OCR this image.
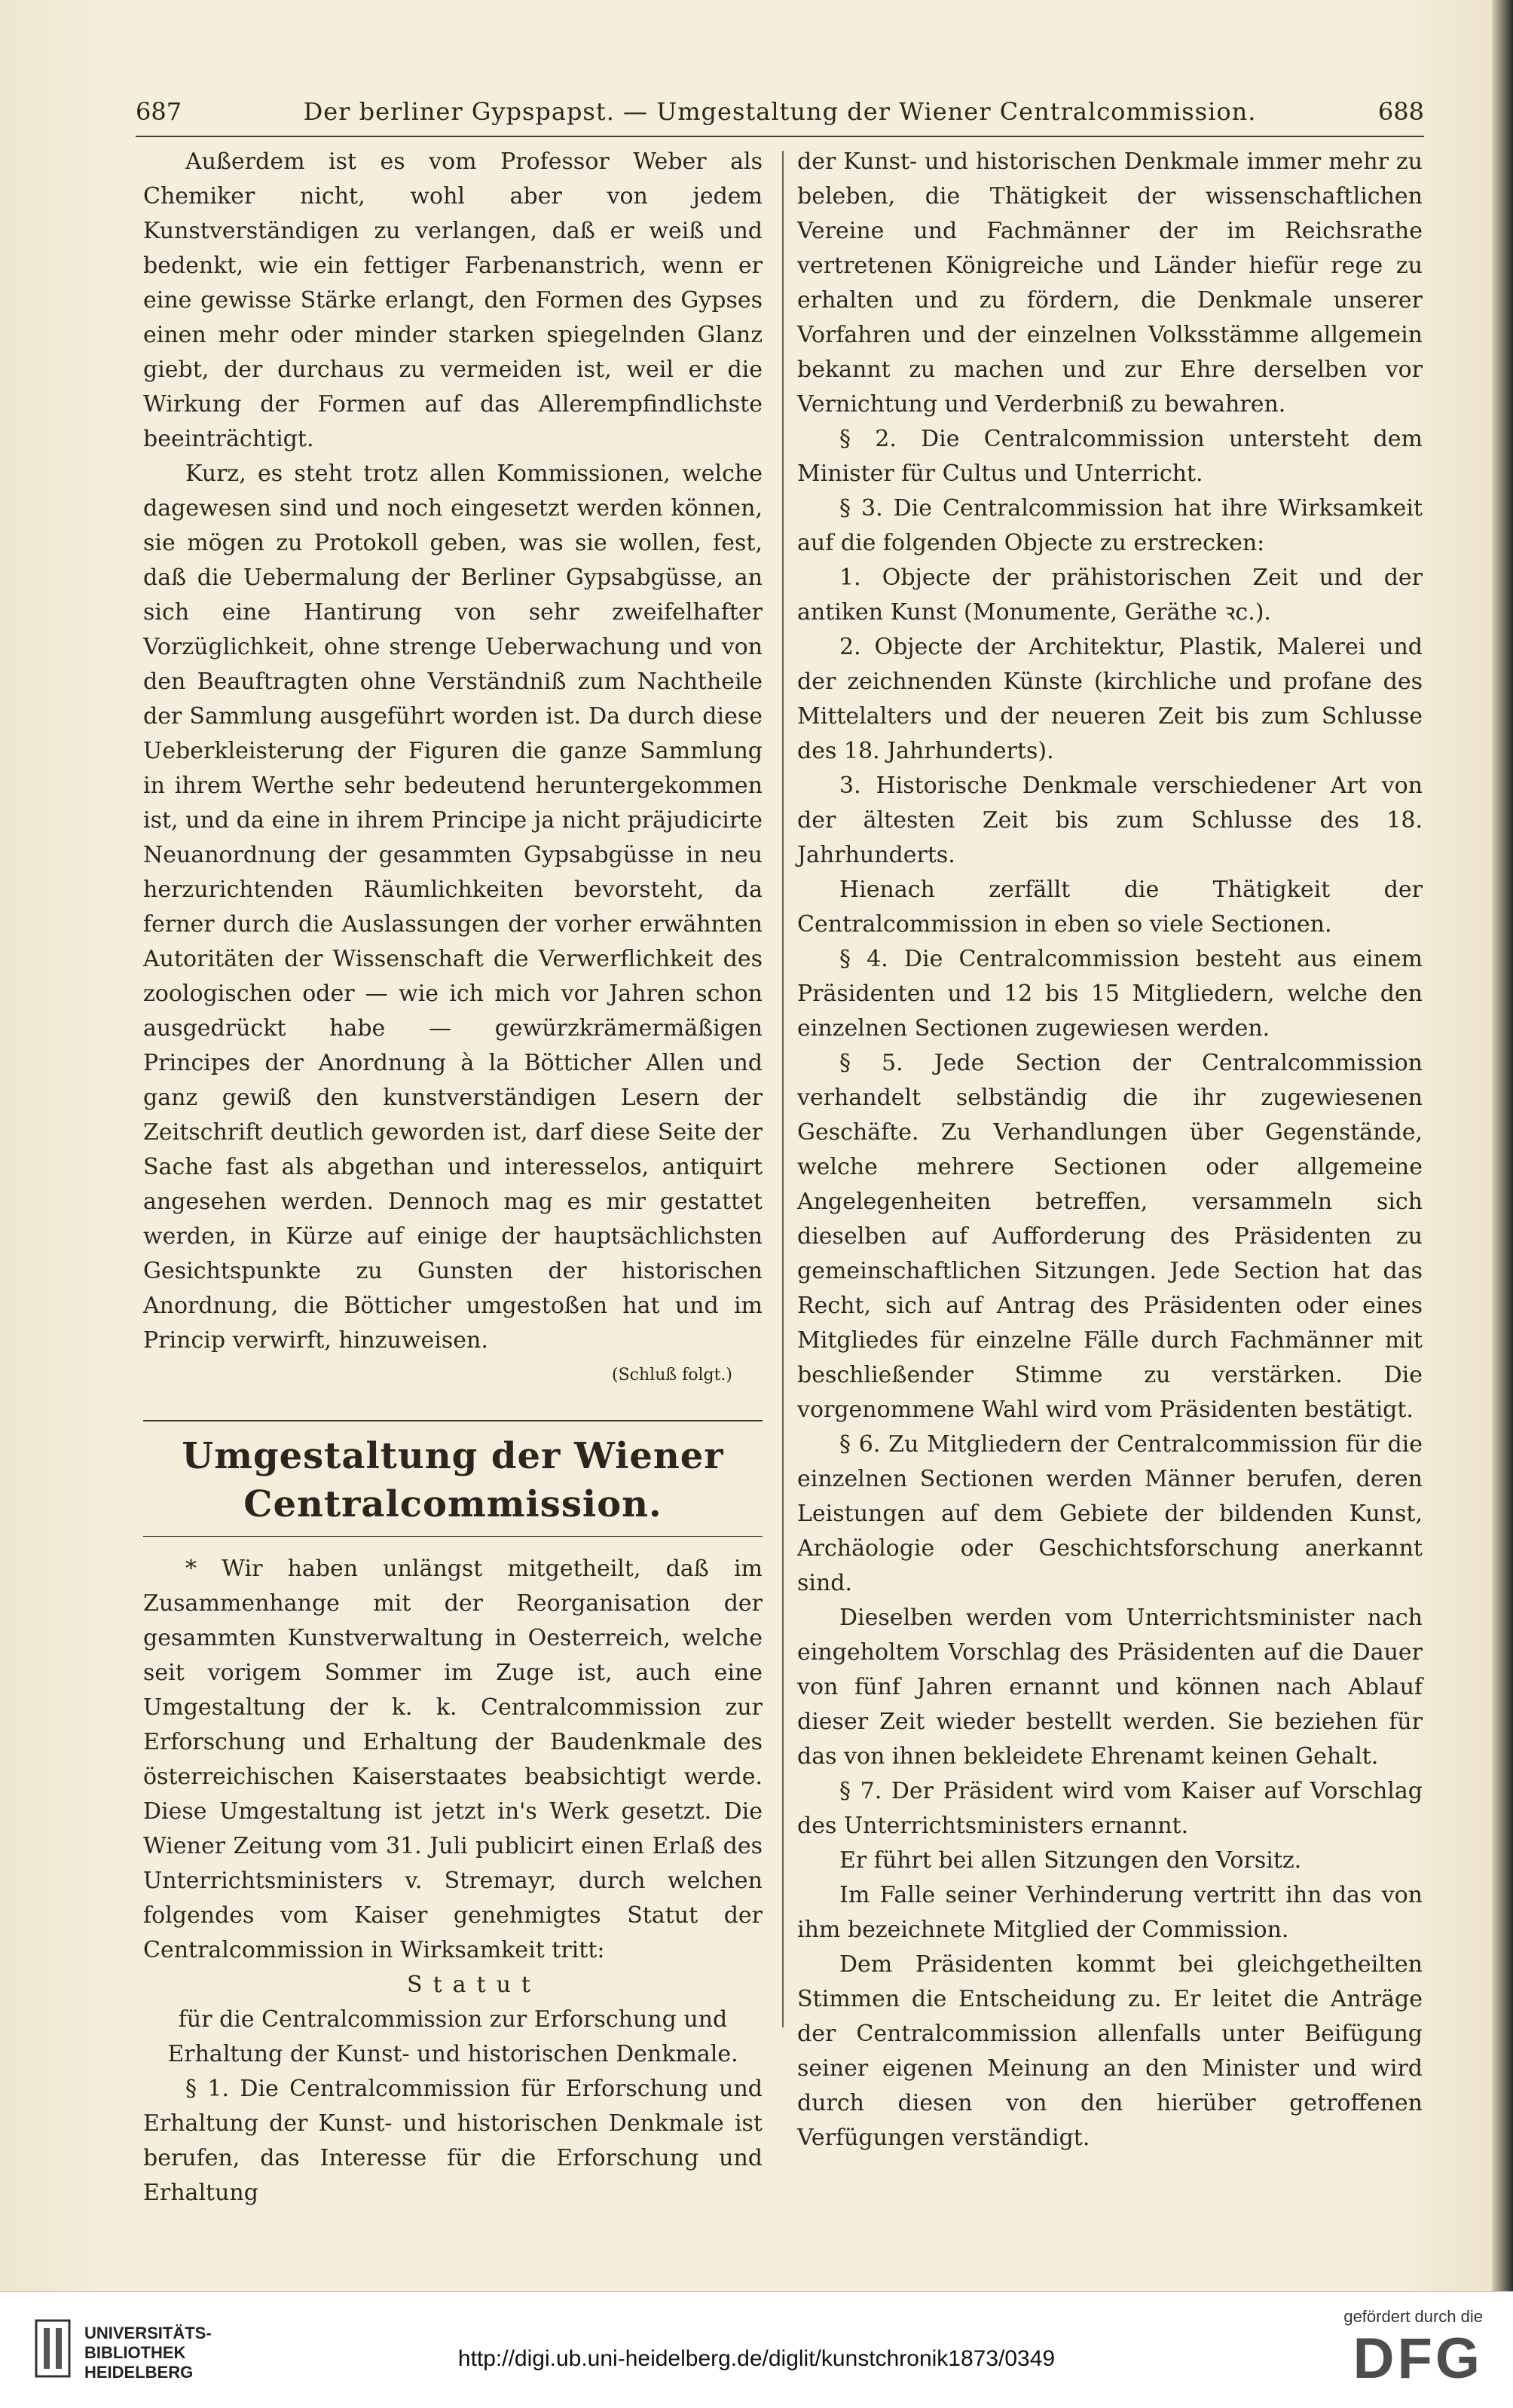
687	Der berliner Gypspapst. — Umgestaltung der Wiener Centralcommission.	688

Außerdem ist es vom Professor Weber als Chemiker nicht, wohl aber von jedem Kunstverständigen zu verlangen, daß er weiß und bedenkt, wie ein fettiger Farbenanstrich, wenn er eine gewisse Stärke erlangt, den Formen des Gypses einen mehr oder minder starken spiegelnden Glanz giebt, der durchaus zu vermeiden ist, weil er die Wirkung der Formen auf das Allerempfindlichste beeinträchtigt.

Kurz, es steht trotz allen Kommissionen, welche dagewesen sind und noch eingesetzt werden können, sie mögen zu Protokoll geben, was sie wollen, fest, daß die Uebermalung der Berliner Gypsabgüsse, an sich eine Hantirung von sehr zweifelhafter Vorzüglichkeit, ohne strenge Ueberwachung und von den Beauftragten ohne Verständniß zum Nachtheile der Sammlung ausgeführt worden ist. Da durch diese Ueberkleisterung der Figuren die ganze Sammlung in ihrem Werthe sehr bedeutend heruntergekommen ist, und da eine in ihrem Principe ja nicht präjudicirte Neuanordnung der gesammten Gypsabgüsse in neu herzurichtenden Räumlichkeiten bevorsteht, da ferner durch die Auslassungen der vorher erwähnten Autoritäten der Wissenschaft die Verwerflichkeit des zoologischen oder — wie ich mich vor Jahren schon ausgedrückt habe — gewürzkrämermäßigen Principes der Anordnung à la Bötticher Allen und ganz gewiß den kunstverständigen Lesern der Zeitschrift deutlich geworden ist, darf diese Seite der Sache fast als abgethan und interesselos, antiquirt angesehen werden. Dennoch mag es mir gestattet werden, in Kürze auf einige der hauptsächlichsten Gesichtspunkte zu Gunsten der historischen Anordnung, die Bötticher umgestoßen hat und im Princip verwirft, hinzuweisen.

(Schluß folgt.)

Umgestaltung der Wiener Centralcommission.

* Wir haben unlängst mitgetheilt, daß im Zusammenhange mit der Reorganisation der gesammten Kunstverwaltung in Oesterreich, welche seit vorigem Sommer im Zuge ist, auch eine Umgestaltung der k. k. Centralcommission zur Erforschung und Erhaltung der Baudenkmale des österreichischen Kaiserstaates beabsichtigt werde. Diese Umgestaltung ist jetzt in's Werk gesetzt. Die Wiener Zeitung vom 31. Juli publicirt einen Erlaß des Unterrichtsministers v. Stremayr, durch welchen folgendes vom Kaiser genehmigtes Statut der Centralcommission in Wirksamkeit tritt:

Statut

für die Centralcommission zur Erforschung und Erhaltung der Kunst- und historischen Denkmale.

§ 1. Die Centralcommission für Erforschung und Erhaltung der Kunst- und historischen Denkmale ist berufen, das Interesse für die Erforschung und Erhaltung

der Kunst- und historischen Denkmale immer mehr zu beleben, die Thätigkeit der wissenschaftlichen Vereine und Fachmänner der im Reichsrathe vertretenen Königreiche und Länder hiefür rege zu erhalten und zu fördern, die Denkmale unserer Vorfahren und der einzelnen Volksstämme allgemein bekannt zu machen und zur Ehre derselben vor Vernichtung und Verderbniß zu bewahren.

§ 2. Die Centralcommission untersteht dem Minister für Cultus und Unterricht.

§ 3. Die Centralcommission hat ihre Wirksamkeit auf die folgenden Objecte zu erstrecken:

1. Objecte der prähistorischen Zeit und der antiken Kunst (Monumente, Geräthe ꝛc.).

2. Objecte der Architektur, Plastik, Malerei und der zeichnenden Künste (kirchliche und profane des Mittelalters und der neueren Zeit bis zum Schlusse des 18. Jahrhunderts).

3. Historische Denkmale verschiedener Art von der ältesten Zeit bis zum Schlusse des 18. Jahrhunderts.

Hienach zerfällt die Thätigkeit der Centralcommission in eben so viele Sectionen.

§ 4. Die Centralcommission besteht aus einem Präsidenten und 12 bis 15 Mitgliedern, welche den einzelnen Sectionen zugewiesen werden.

§ 5. Jede Section der Centralcommission verhandelt selbständig die ihr zugewiesenen Geschäfte. Zu Verhandlungen über Gegenstände, welche mehrere Sectionen oder allgemeine Angelegenheiten betreffen, versammeln sich dieselben auf Aufforderung des Präsidenten zu gemeinschaftlichen Sitzungen. Jede Section hat das Recht, sich auf Antrag des Präsidenten oder eines Mitgliedes für einzelne Fälle durch Fachmänner mit beschließender Stimme zu verstärken. Die vorgenommene Wahl wird vom Präsidenten bestätigt.

§ 6. Zu Mitgliedern der Centralcommission für die einzelnen Sectionen werden Männer berufen, deren Leistungen auf dem Gebiete der bildenden Kunst, Archäologie oder Geschichtsforschung anerkannt sind.

Dieselben werden vom Unterrichtsminister nach eingeholtem Vorschlag des Präsidenten auf die Dauer von fünf Jahren ernannt und können nach Ablauf dieser Zeit wieder bestellt werden. Sie beziehen für das von ihnen bekleidete Ehrenamt keinen Gehalt.

§ 7. Der Präsident wird vom Kaiser auf Vorschlag des Unterrichtsministers ernannt.

Er führt bei allen Sitzungen den Vorsitz.

Im Falle seiner Verhinderung vertritt ihn das von ihm bezeichnete Mitglied der Commission.

Dem Präsidenten kommt bei gleichgetheilten Stimmen die Entscheidung zu. Er leitet die Anträge der Centralcommission allenfalls unter Beifügung seiner eigenen Meinung an den Minister und wird durch diesen von den hierüber getroffenen Verfügungen verständigt.

UNIVERSITÄTS-
BIBLIOTHEK
HEIDELBERG
http://digi.ub.uni-heidelberg.de/diglit/kunstchronik1873/0349
gefördert durch die
DFG
